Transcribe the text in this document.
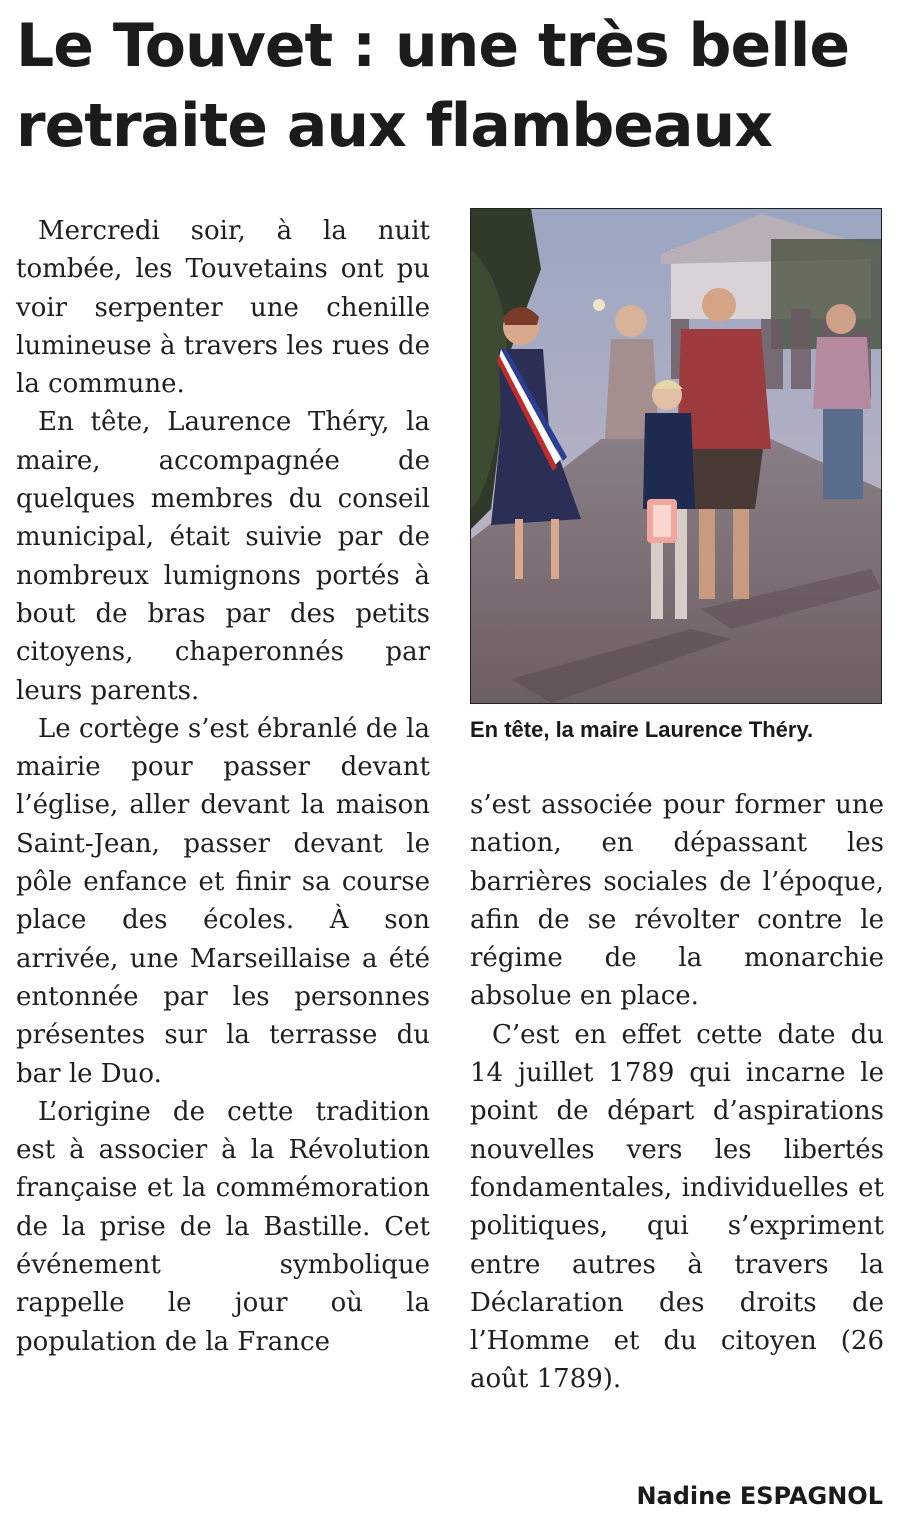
Le Touvet : une très belle retraite aux flambeaux

Mercredi soir, à la nuit tombée, les Touvetains ont pu voir serpenter une chenille lumineuse à travers les rues de la commune.

En tête, Laurence Théry, la maire, accompagnée de quelques membres du conseil municipal, était suivie par de nombreux lumignons portés à bout de bras par des petits citoyens, chaperonnés par leurs parents.

Le cortège s’est ébranlé de la mairie pour passer devant l’église, aller devant la maison Saint-Jean, passer devant le pôle enfance et finir sa course place des écoles. À son arrivée, une Marseillaise a été entonnée par les personnes présentes sur la terrasse du bar le Duo.

L’origine de cette tradition est à associer à la Révolution française et la commémoration de la prise de la Bastille. Cet événement symbolique rappelle le jour où la population de la France

En tête, la maire Laurence Théry.

s’est associée pour former une nation, en dépassant les barrières sociales de l’époque, afin de se révolter contre le régime de la monarchie absolue en place.

C’est en effet cette date du 14 juillet 1789 qui incarne le point de départ d’aspirations nouvelles vers les libertés fondamentales, individuelles et politiques, qui s’expriment entre autres à travers la Déclaration des droits de l’Homme et du citoyen (26 août 1789).

Nadine ESPAGNOL
